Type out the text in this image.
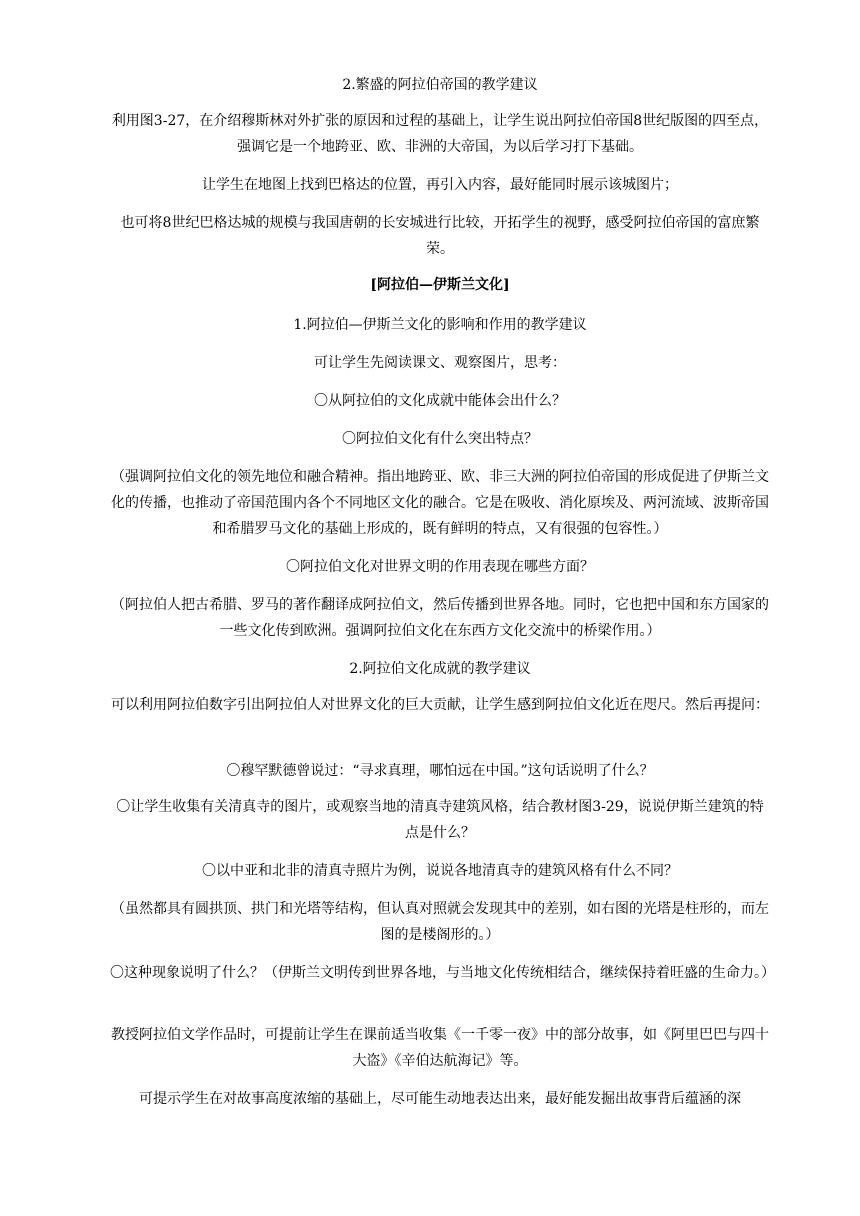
2.繁盛的阿拉伯帝国的教学建议
利用图3-27，在介绍穆斯林对外扩张的原因和过程的基础上，让学生说出阿拉伯帝国8世纪版图的四至点，强调它是一个地跨亚、欧、非洲的大帝国，为以后学习打下基础。
让学生在地图上找到巴格达的位置，再引入内容，最好能同时展示该城图片；
也可将8世纪巴格达城的规模与我国唐朝的长安城进行比较，开拓学生的视野，感受阿拉伯帝国的富庶繁荣。
[阿拉伯—伊斯兰文化]
1.阿拉伯—伊斯兰文化的影响和作用的教学建议
可让学生先阅读课文、观察图片，思考：
〇从阿拉伯的文化成就中能体会出什么？
〇阿拉伯文化有什么突出特点？
（强调阿拉伯文化的领先地位和融合精神。指出地跨亚、欧、非三大洲的阿拉伯帝国的形成促进了伊斯兰文化的传播，也推动了帝国范围内各个不同地区文化的融合。它是在吸收、消化原埃及、两河流域、波斯帝国和希腊罗马文化的基础上形成的，既有鲜明的特点，又有很强的包容性。）
〇阿拉伯文化对世界文明的作用表现在哪些方面？
（阿拉伯人把古希腊、罗马的著作翻译成阿拉伯文，然后传播到世界各地。同时，它也把中国和东方国家的一些文化传到欧洲。强调阿拉伯文化在东西方文化交流中的桥梁作用。）
2.阿拉伯文化成就的教学建议
可以利用阿拉伯数字引出阿拉伯人对世界文化的巨大贡献，让学生感到阿拉伯文化近在咫尺。然后再提问：
〇穆罕默德曾说过：“寻求真理，哪怕远在中国。”这句话说明了什么？
〇让学生收集有关清真寺的图片，或观察当地的清真寺建筑风格，结合教材图3-29，说说伊斯兰建筑的特点是什么？
〇以中亚和北非的清真寺照片为例，说说各地清真寺的建筑风格有什么不同？
（虽然都具有圆拱顶、拱门和光塔等结构，但认真对照就会发现其中的差别，如右图的光塔是柱形的，而左图的是楼阁形的。）
〇这种现象说明了什么？（伊斯兰文明传到世界各地，与当地文化传统相结合，继续保持着旺盛的生命力。）
教授阿拉伯文学作品时，可提前让学生在课前适当收集《一千零一夜》中的部分故事，如《阿里巴巴与四十大盗》《辛伯达航海记》等。
可提示学生在对故事高度浓缩的基础上，尽可能生动地表达出来，最好能发掘出故事背后蕴涵的深
